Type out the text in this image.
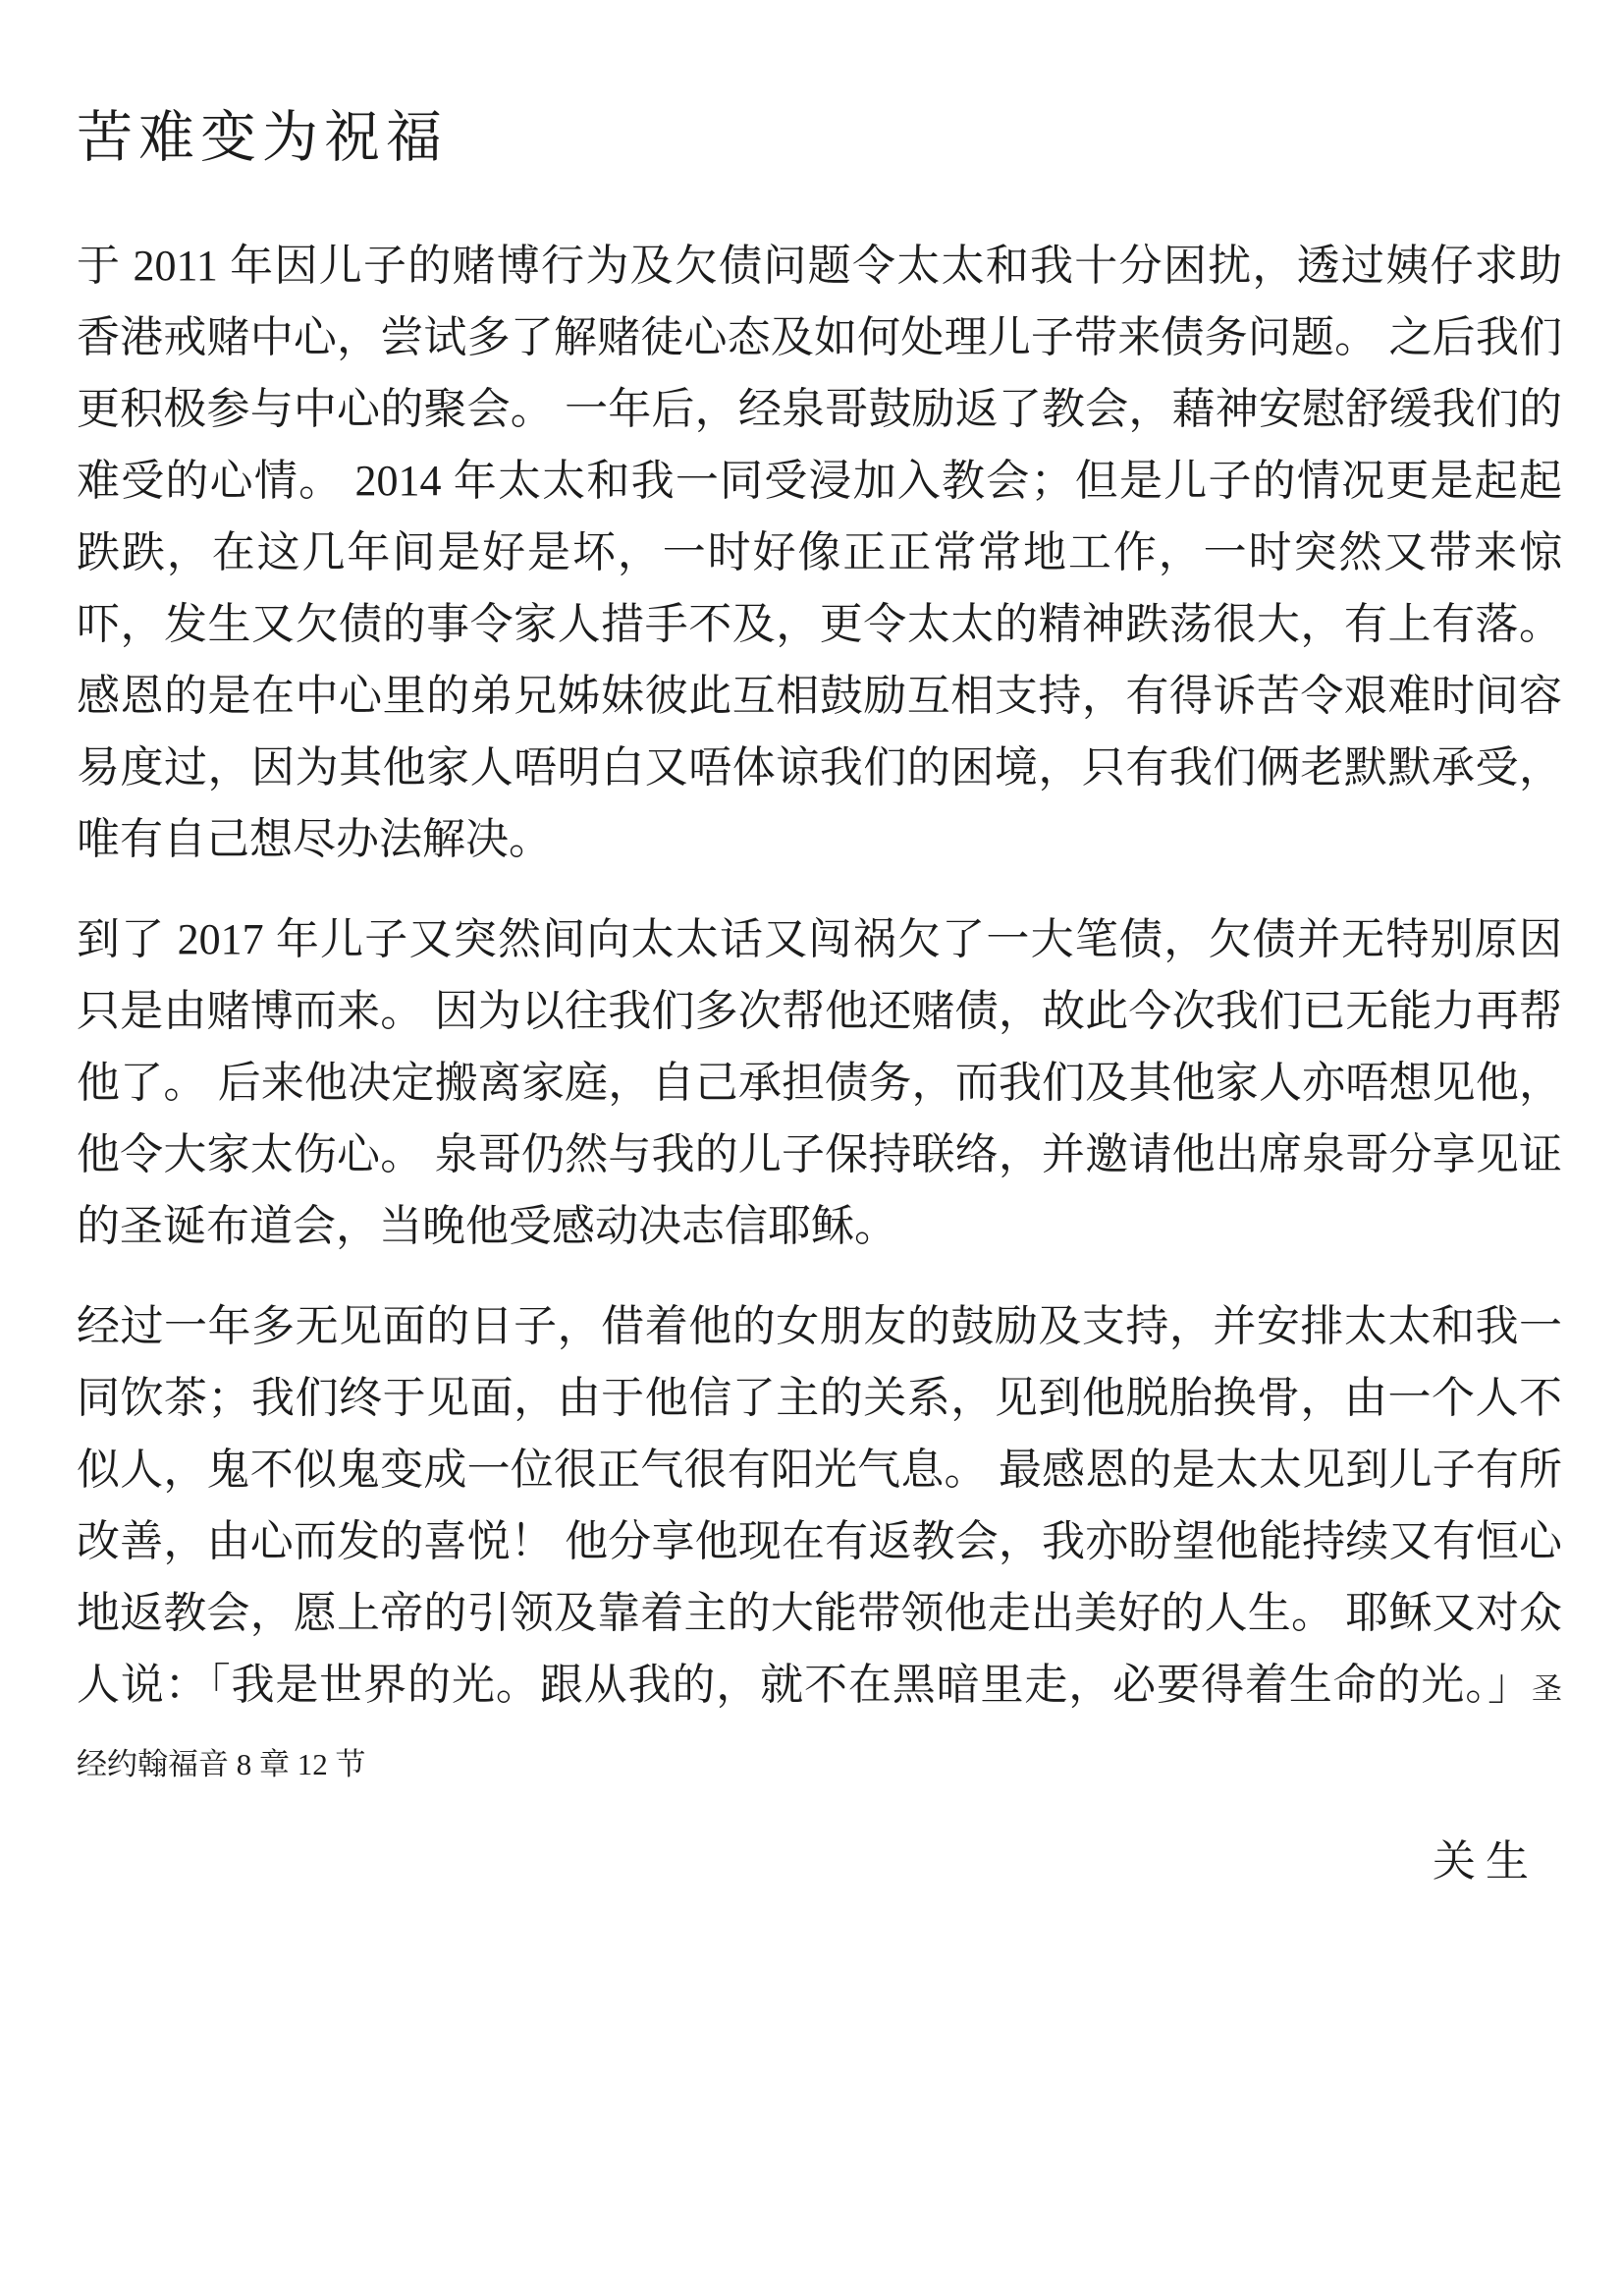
苦难变为祝福

于 2011 年因儿子的赌博行为及欠债问题令太太和我十分困扰，透过姨仔求助香港戒赌中心，尝试多了解赌徒心态及如何处理儿子带来债务问题。 之后我们更积极参与中心的聚会。 一年后，经泉哥鼓励返了教会，藉神安慰舒缓我们的难受的心情。 2014 年太太和我一同受浸加入教会；但是儿子的情况更是起起跌跌，在这几年间是好是坏，一时好像正正常常地工作，一时突然又带来惊吓，发生又欠债的事令家人措手不及，更令太太的精神跌荡很大，有上有落。 感恩的是在中心里的弟兄姊妹彼此互相鼓励互相支持，有得诉苦令艰难时间容易度过，因为其他家人唔明白又唔体谅我们的困境，只有我们俩老默默承受，唯有自己想尽办法解决。

到了 2017 年儿子又突然间向太太话又闯祸欠了一大笔债，欠债并无特别原因只是由赌博而来。 因为以往我们多次帮他还赌债，故此今次我们已无能力再帮他了。 后来他决定搬离家庭，自己承担债务，而我们及其他家人亦唔想见他，他令大家太伤心。 泉哥仍然与我的儿子保持联络，并邀请他出席泉哥分享见证的圣诞布道会，当晚他受感动决志信耶稣。

经过一年多无见面的日子，借着他的女朋友的鼓励及支持，并安排太太和我一同饮茶；我们终于见面，由于他信了主的关系，见到他脱胎换骨，由一个人不似人，鬼不似鬼变成一位很正气很有阳光气息。 最感恩的是太太见到儿子有所改善，由心而发的喜悦！ 他分享他现在有返教会，我亦盼望他能持续又有恒心地返教会，愿上帝的引领及靠着主的大能带领他走出美好的人生。 耶稣又对众人说：「我是世界的光。跟从我的，就不在黑暗里走，必要得着生命的光。」圣经约翰福音 8 章 12 节

关生
